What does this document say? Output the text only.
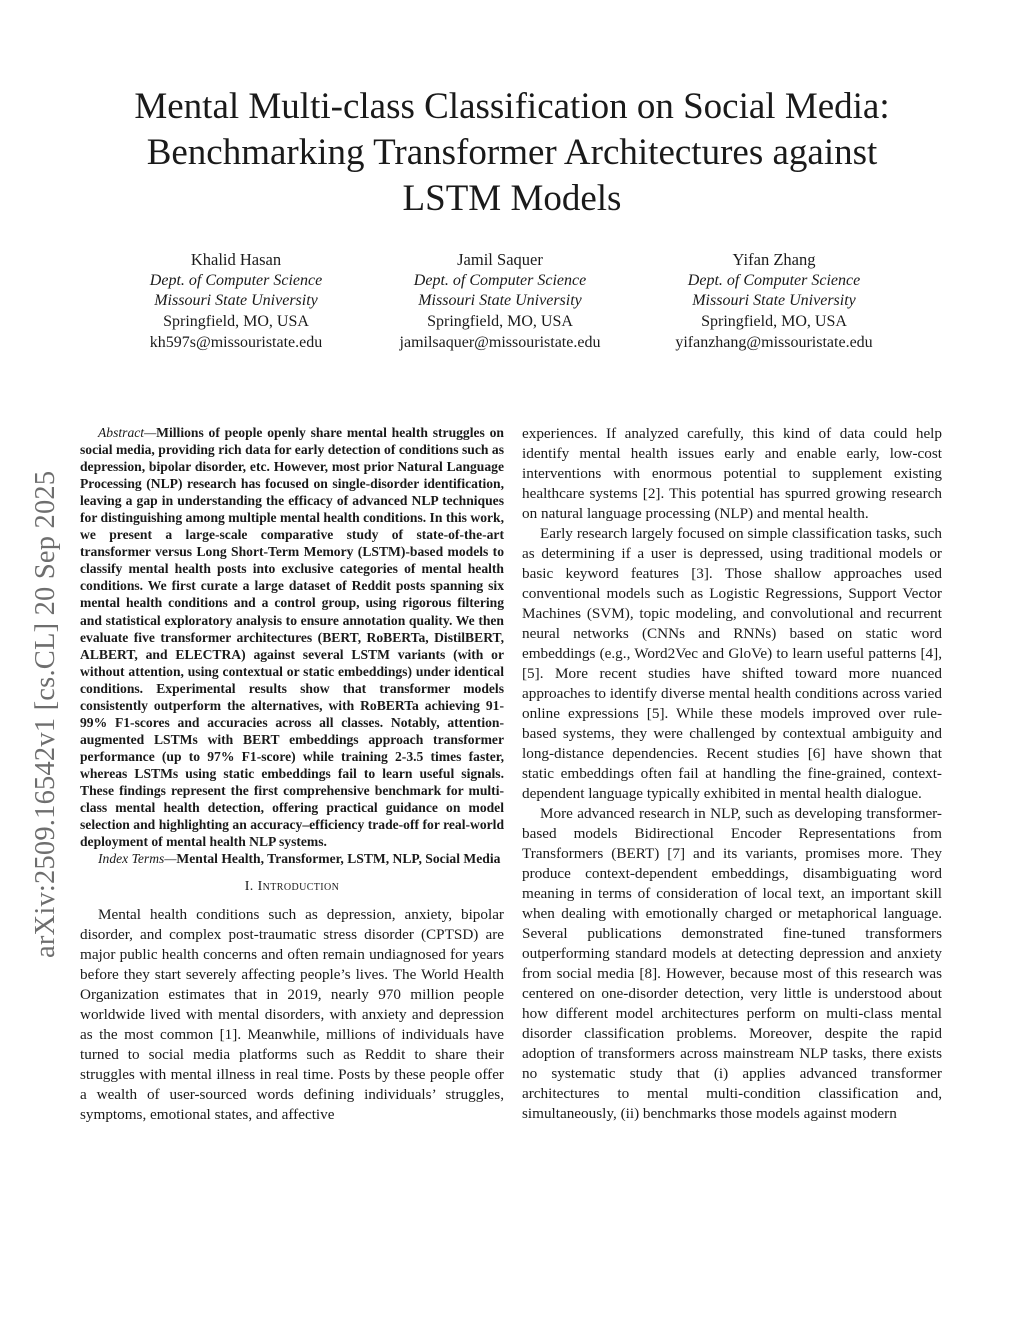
arXiv:2509.16542v1 [cs.CL] 20 Sep 2025
Mental Multi-class Classification on Social Media:
Benchmarking Transformer Architectures against
LSTM Models
Khalid Hasan
Dept. of Computer Science
Missouri State University
Springfield, MO, USA
kh597s@missouristate.edu
Jamil Saquer
Dept. of Computer Science
Missouri State University
Springfield, MO, USA
jamilsaquer@missouristate.edu
Yifan Zhang
Dept. of Computer Science
Missouri State University
Springfield, MO, USA
yifanzhang@missouristate.edu

Abstract—Millions of people openly share mental health struggles on social media, providing rich data for early detection of conditions such as depression, bipolar disorder, etc. However, most prior Natural Language Processing (NLP) research has focused on single-disorder identification, leaving a gap in understanding the efficacy of advanced NLP techniques for distinguishing among multiple mental health conditions. In this work, we present a large-scale comparative study of state-of-the-art transformer versus Long Short-Term Memory (LSTM)-based models to classify mental health posts into exclusive categories of mental health conditions. We first curate a large dataset of Reddit posts spanning six mental health conditions and a control group, using rigorous filtering and statistical exploratory analysis to ensure annotation quality. We then evaluate five transformer architectures (BERT, RoBERTa, DistilBERT, ALBERT, and ELECTRA) against several LSTM variants (with or without attention, using contextual or static embeddings) under identical conditions. Experimental results show that transformer models consistently outperform the alternatives, with RoBERTa achieving 91-99% F1-scores and accuracies across all classes. Notably, attention-augmented LSTMs with BERT embeddings approach transformer performance (up to 97% F1-score) while training 2-3.5 times faster, whereas LSTMs using static embeddings fail to learn useful signals. These findings represent the first comprehensive benchmark for multi-class mental health detection, offering practical guidance on model selection and highlighting an accuracy–efficiency trade-off for real-world deployment of mental health NLP systems.

Index Terms—Mental Health, Transformer, LSTM, NLP, Social Media

I. Introduction

Mental health conditions such as depression, anxiety, bipolar disorder, and complex post-traumatic stress disorder (CPTSD) are major public health concerns and often remain undiagnosed for years before they start severely affecting people’s lives. The World Health Organization estimates that in 2019, nearly 970 million people worldwide lived with mental disorders, with anxiety and depression as the most common [1]. Meanwhile, millions of individuals have turned to social media platforms such as Reddit to share their struggles with mental illness in real time. Posts by these people offer a wealth of user-sourced words defining individuals’ struggles, symptoms, emotional states, and affective

experiences. If analyzed carefully, this kind of data could help identify mental health issues early and enable early, low-cost interventions with enormous potential to supplement existing healthcare systems [2]. This potential has spurred growing research on natural language processing (NLP) and mental health.

Early research largely focused on simple classification tasks, such as determining if a user is depressed, using traditional models or basic keyword features [3]. Those shallow approaches used conventional models such as Logistic Regressions, Support Vector Machines (SVM), topic modeling, and convolutional and recurrent neural networks (CNNs and RNNs) based on static word embeddings (e.g., Word2Vec and GloVe) to learn useful patterns [4], [5]. More recent studies have shifted toward more nuanced approaches to identify diverse mental health conditions across varied online expressions [5]. While these models improved over rule-based systems, they were challenged by contextual ambiguity and long-distance dependencies. Recent studies [6] have shown that static embeddings often fail at handling the fine-grained, context-dependent language typically exhibited in mental health dialogue.

More advanced research in NLP, such as developing transformer-based models Bidirectional Encoder Representations from Transformers (BERT) [7] and its variants, promises more. They produce context-dependent embeddings, disambiguating word meaning in terms of consideration of local text, an important skill when dealing with emotionally charged or metaphorical language. Several publications demonstrated fine-tuned transformers outperforming standard models at detecting depression and anxiety from social media [8]. However, because most of this research was centered on one-disorder detection, very little is understood about how different model architectures perform on multi-class mental disorder classification problems. Moreover, despite the rapid adoption of transformers across mainstream NLP tasks, there exists no systematic study that (i) applies advanced transformer architectures to mental multi-condition classification and, simultaneously, (ii) benchmarks those models against modern
